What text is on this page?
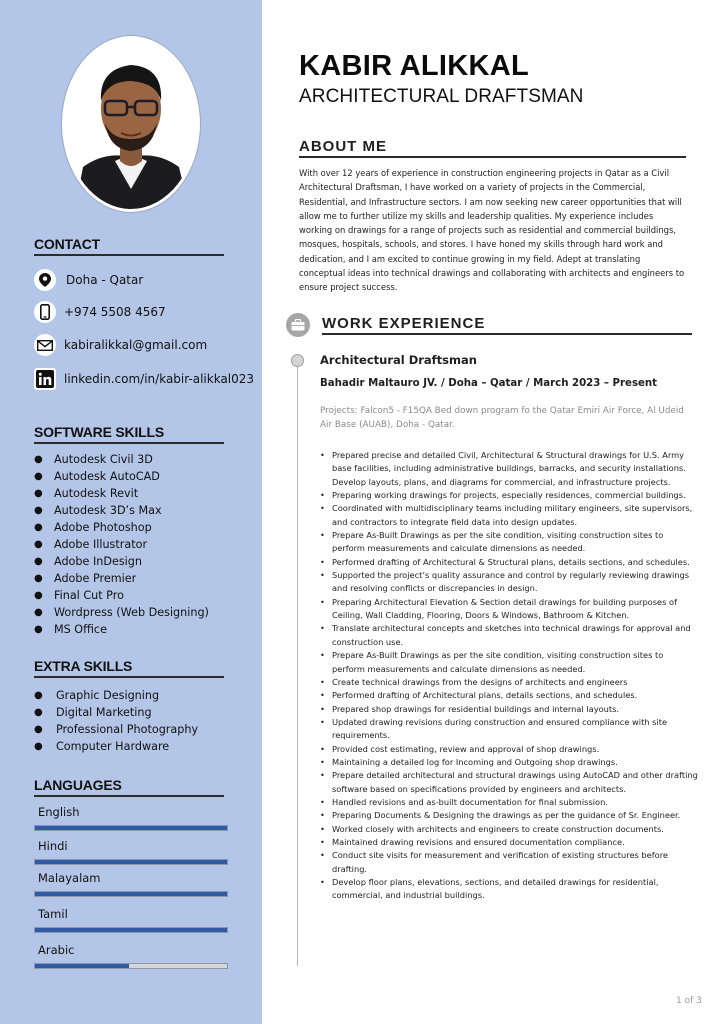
CONTACT
Doha - Qatar
+974 5508 4567
kabiralikkal@gmail.com
linkedin.com/in/kabir-alikkal023
SOFTWARE SKILLS
●	Autodesk Civil 3D
●	Autodesk AutoCAD
●	Autodesk Revit
●	Autodesk 3D’s Max
●	Adobe Photoshop
●	Adobe Illustrator
●	Adobe InDesign
●	Adobe Premier
●	Final Cut Pro
●	Wordpress (Web Designing)
●	MS Office
EXTRA SKILLS
●	Graphic Designing
●	Digital Marketing
●	Professional Photography
●	Computer Hardware
LANGUAGES
English
Hindi
Malayalam
Tamil
Arabic
KABIR ALIKKAL
ARCHITECTURAL DRAFTSMAN
ABOUT ME
With over 12 years of experience in construction engineering projects in Qatar as a Civil Architectural Draftsman, I have worked on a variety of projects in the Commercial, Residential, and Infrastructure sectors. I am now seeking new career opportunities that will allow me to further utilize my skills and leadership qualities. My experience includes working on drawings for a range of projects such as residential and commercial buildings, mosques, hospitals, schools, and stores. I have honed my skills through hard work and dedication, and I am excited to continue growing in my field. Adept at translating conceptual ideas into technical drawings and collaborating with architects and engineers to ensure project success.
WORK EXPERIENCE
Architectural Draftsman
Bahadir Maltauro JV. / Doha – Qatar / March 2023 – Present
Projects: Falcon5 - F15QA Bed down program fo the Qatar Emiri Air Force, Al Udeid Air Base (AUAB), Doha - Qatar.
• Prepared precise and detailed Civil, Architectural & Structural drawings for U.S. Army base facilities, including administrative buildings, barracks, and security installations. Develop layouts, plans, and diagrams for commercial, and infrastructure projects.
• Preparing working drawings for projects, especially residences, commercial buildings.
• Coordinated with multidisciplinary teams including military engineers, site supervisors, and contractors to integrate field data into design updates.
• Prepare As-Built Drawings as per the site condition, visiting construction sites to perform measurements and calculate dimensions as needed.
• Performed drafting of Architectural & Structural plans, details sections, and schedules.
• Supported the project’s quality assurance and control by regularly reviewing drawings and resolving conflicts or discrepancies in design.
• Preparing Architectural Elevation & Section detail drawings for building purposes of Ceiling, Wall Cladding, Flooring, Doors & Windows, Bathroom & Kitchen.
• Translate architectural concepts and sketches into technical drawings for approval and construction use.
• Prepare As-Built Drawings as per the site condition, visiting construction sites to perform measurements and calculate dimensions as needed.
• Create technical drawings from the designs of architects and engineers
• Performed drafting of Architectural plans, details sections, and schedules.
• Prepared shop drawings for residential buildings and internal layouts.
• Updated drawing revisions during construction and ensured compliance with site requirements.
• Provided cost estimating, review and approval of shop drawings.
• Maintaining a detailed log for Incoming and Outgoing shop drawings.
• Prepare detailed architectural and structural drawings using AutoCAD and other drafting software based on specifications provided by engineers and architects.
• Handled revisions and as-built documentation for final submission.
• Preparing Documents & Designing the drawings as per the guidance of Sr. Engineer.
• Worked closely with architects and engineers to create construction documents.
• Maintained drawing revisions and ensured documentation compliance.
• Conduct site visits for measurement and verification of existing structures before drafting.
• Develop floor plans, elevations, sections, and detailed drawings for residential, commercial, and industrial buildings.
1 of 3
